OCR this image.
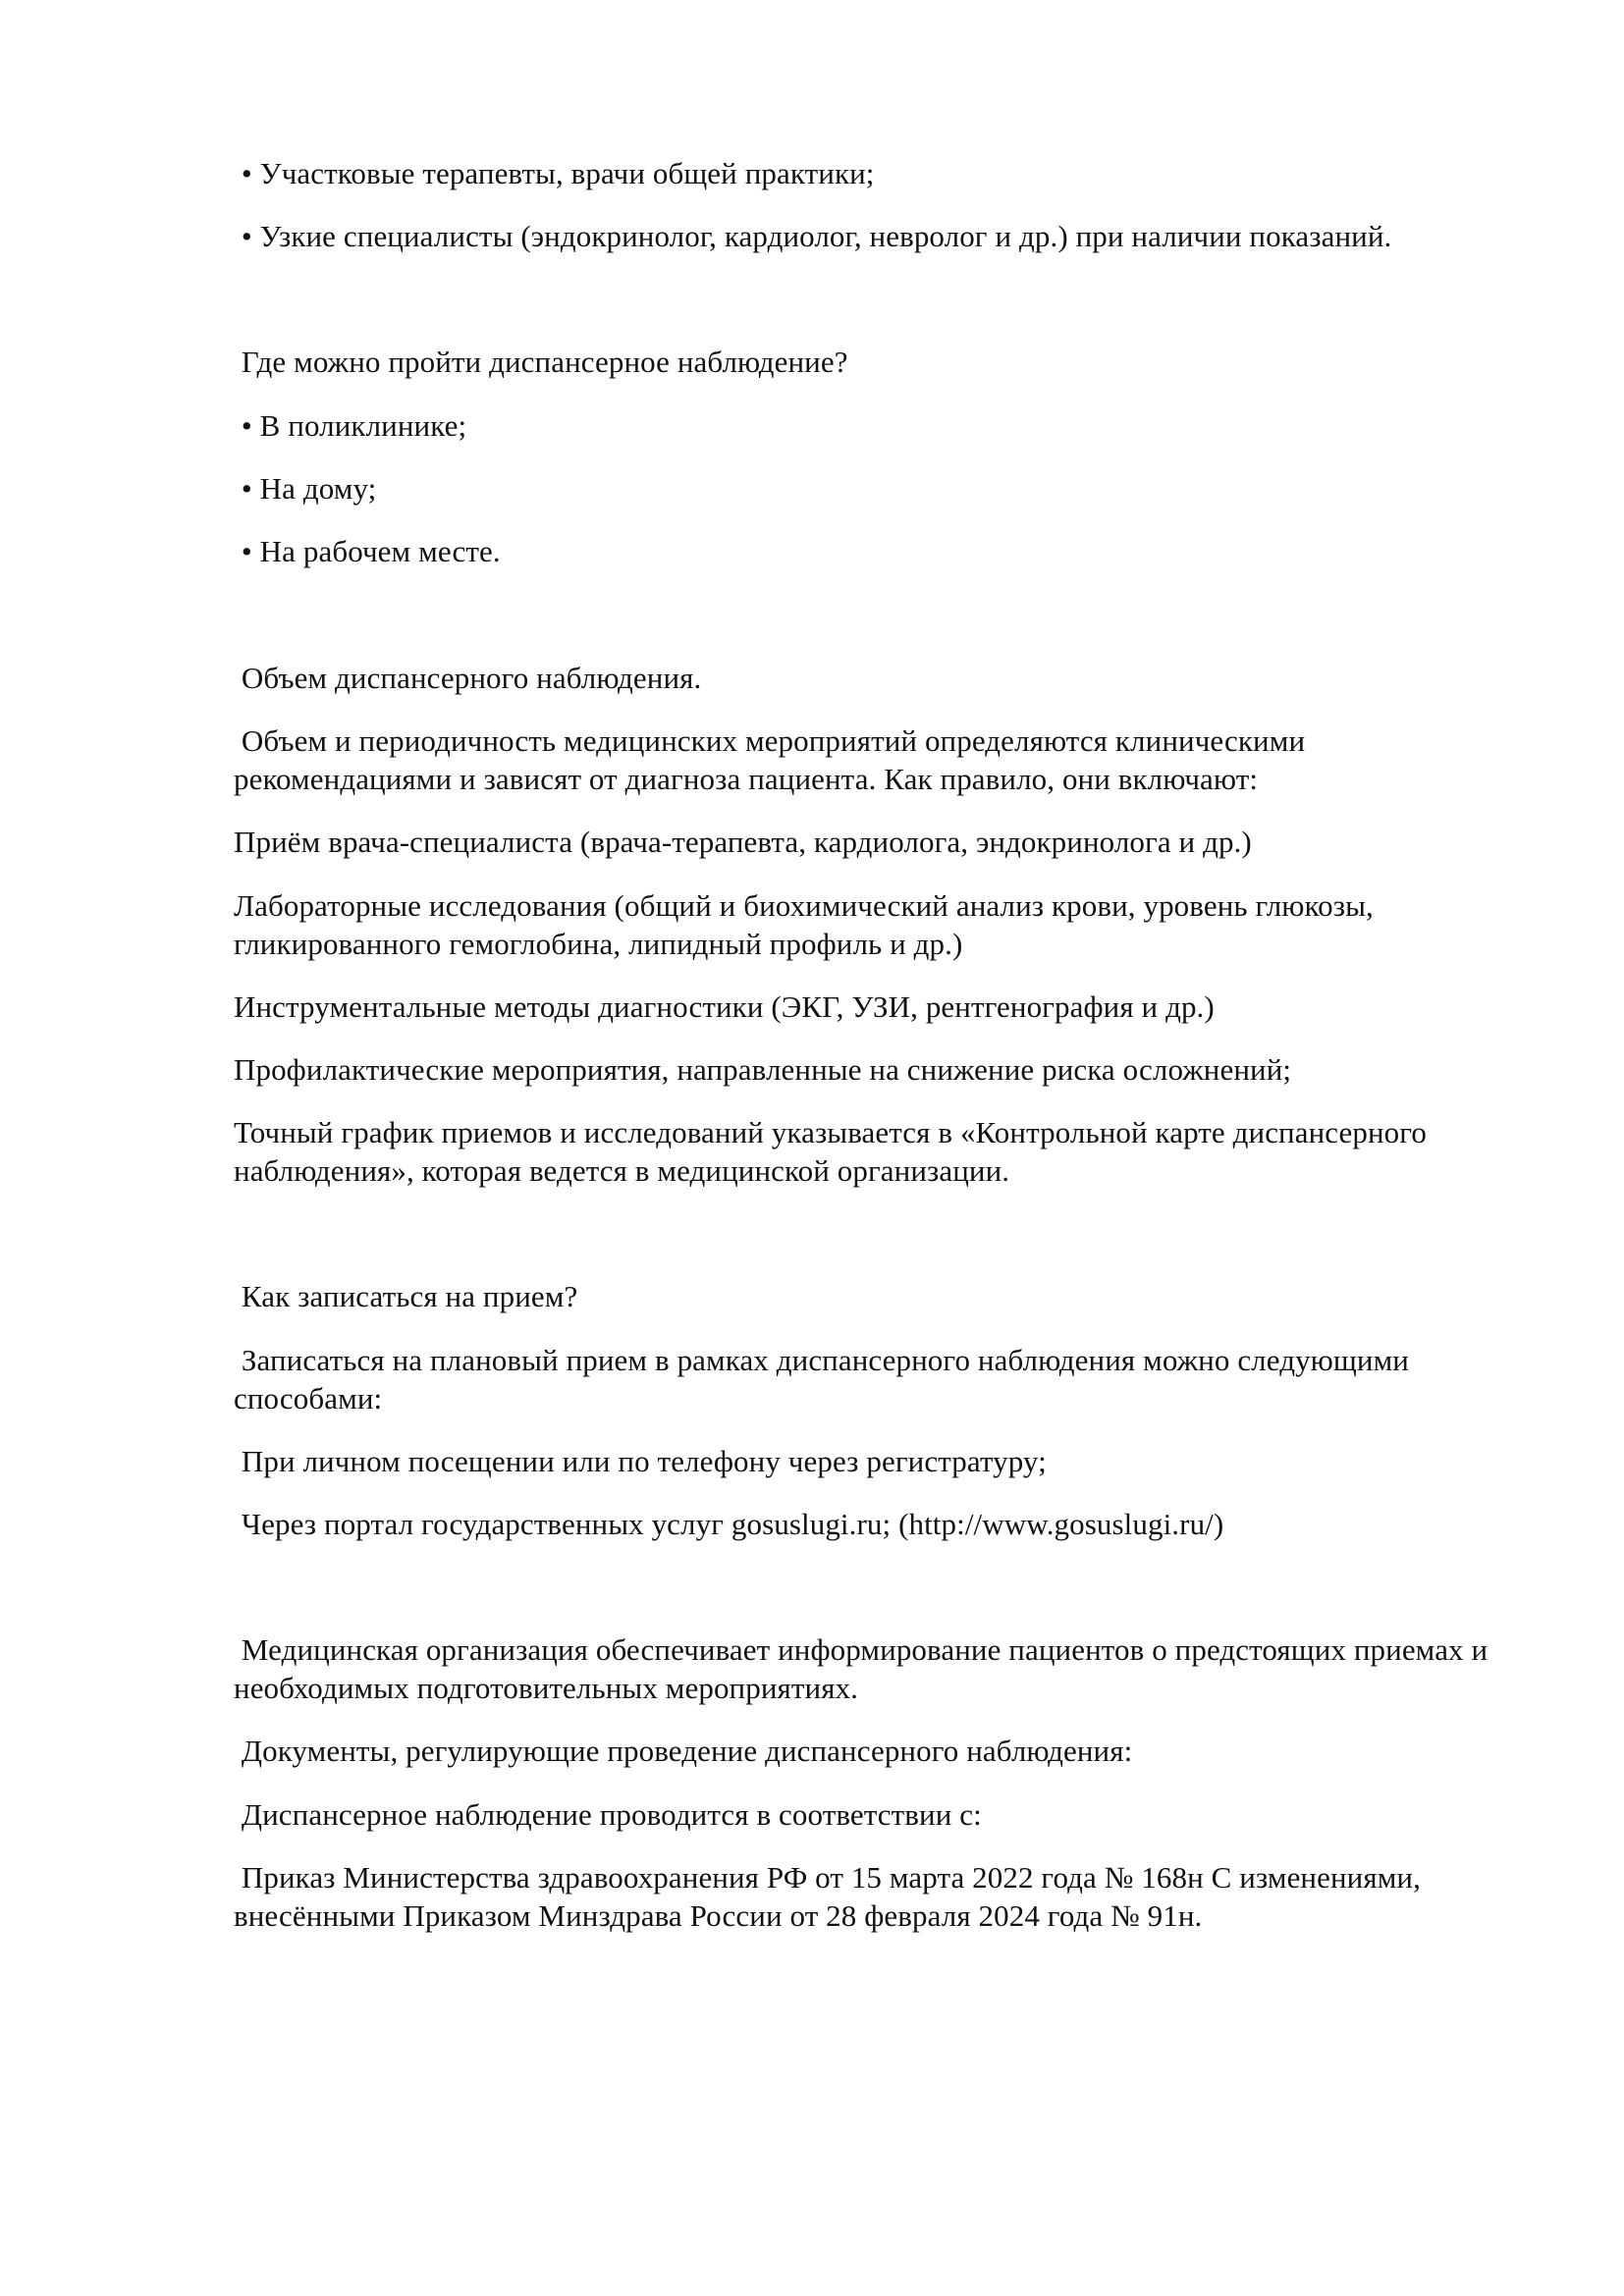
• Участковые терапевты, врачи общей практики;

• Узкие специалисты (эндокринолог, кардиолог, невролог и др.) при наличии показаний.

Где можно пройти диспансерное наблюдение?

• В поликлинике;

• На дому;

• На рабочем месте.

Объем диспансерного наблюдения.

Объем и периодичность медицинских мероприятий определяются клиническими рекомендациями и зависят от диагноза пациента. Как правило, они включают:

Приём врача-специалиста (врача-терапевта, кардиолога, эндокринолога и др.)

Лабораторные исследования (общий и биохимический анализ крови, уровень глюкозы, гликированного гемоглобина, липидный профиль и др.)

Инструментальные методы диагностики (ЭКГ, УЗИ, рентгенография и др.)

Профилактические мероприятия, направленные на снижение риска осложнений;

Точный график приемов и исследований указывается в «Контрольной карте диспансерного наблюдения», которая ведется в медицинской организации.

Как записаться на прием?

Записаться на плановый прием в рамках диспансерного наблюдения можно следующими способами:

При личном посещении или по телефону через регистратуру;

Через портал государственных услуг gosuslugi.ru; (http://www.gosuslugi.ru/)

Медицинская организация обеспечивает информирование пациентов о предстоящих приемах и необходимых подготовительных мероприятиях.

Документы, регулирующие проведение диспансерного наблюдения:

Диспансерное наблюдение проводится в соответствии с:

Приказ Министерства здравоохранения РФ от 15 марта 2022 года № 168н С изменениями, внесёнными Приказом Минздрава России от 28 февраля 2024 года № 91н.
